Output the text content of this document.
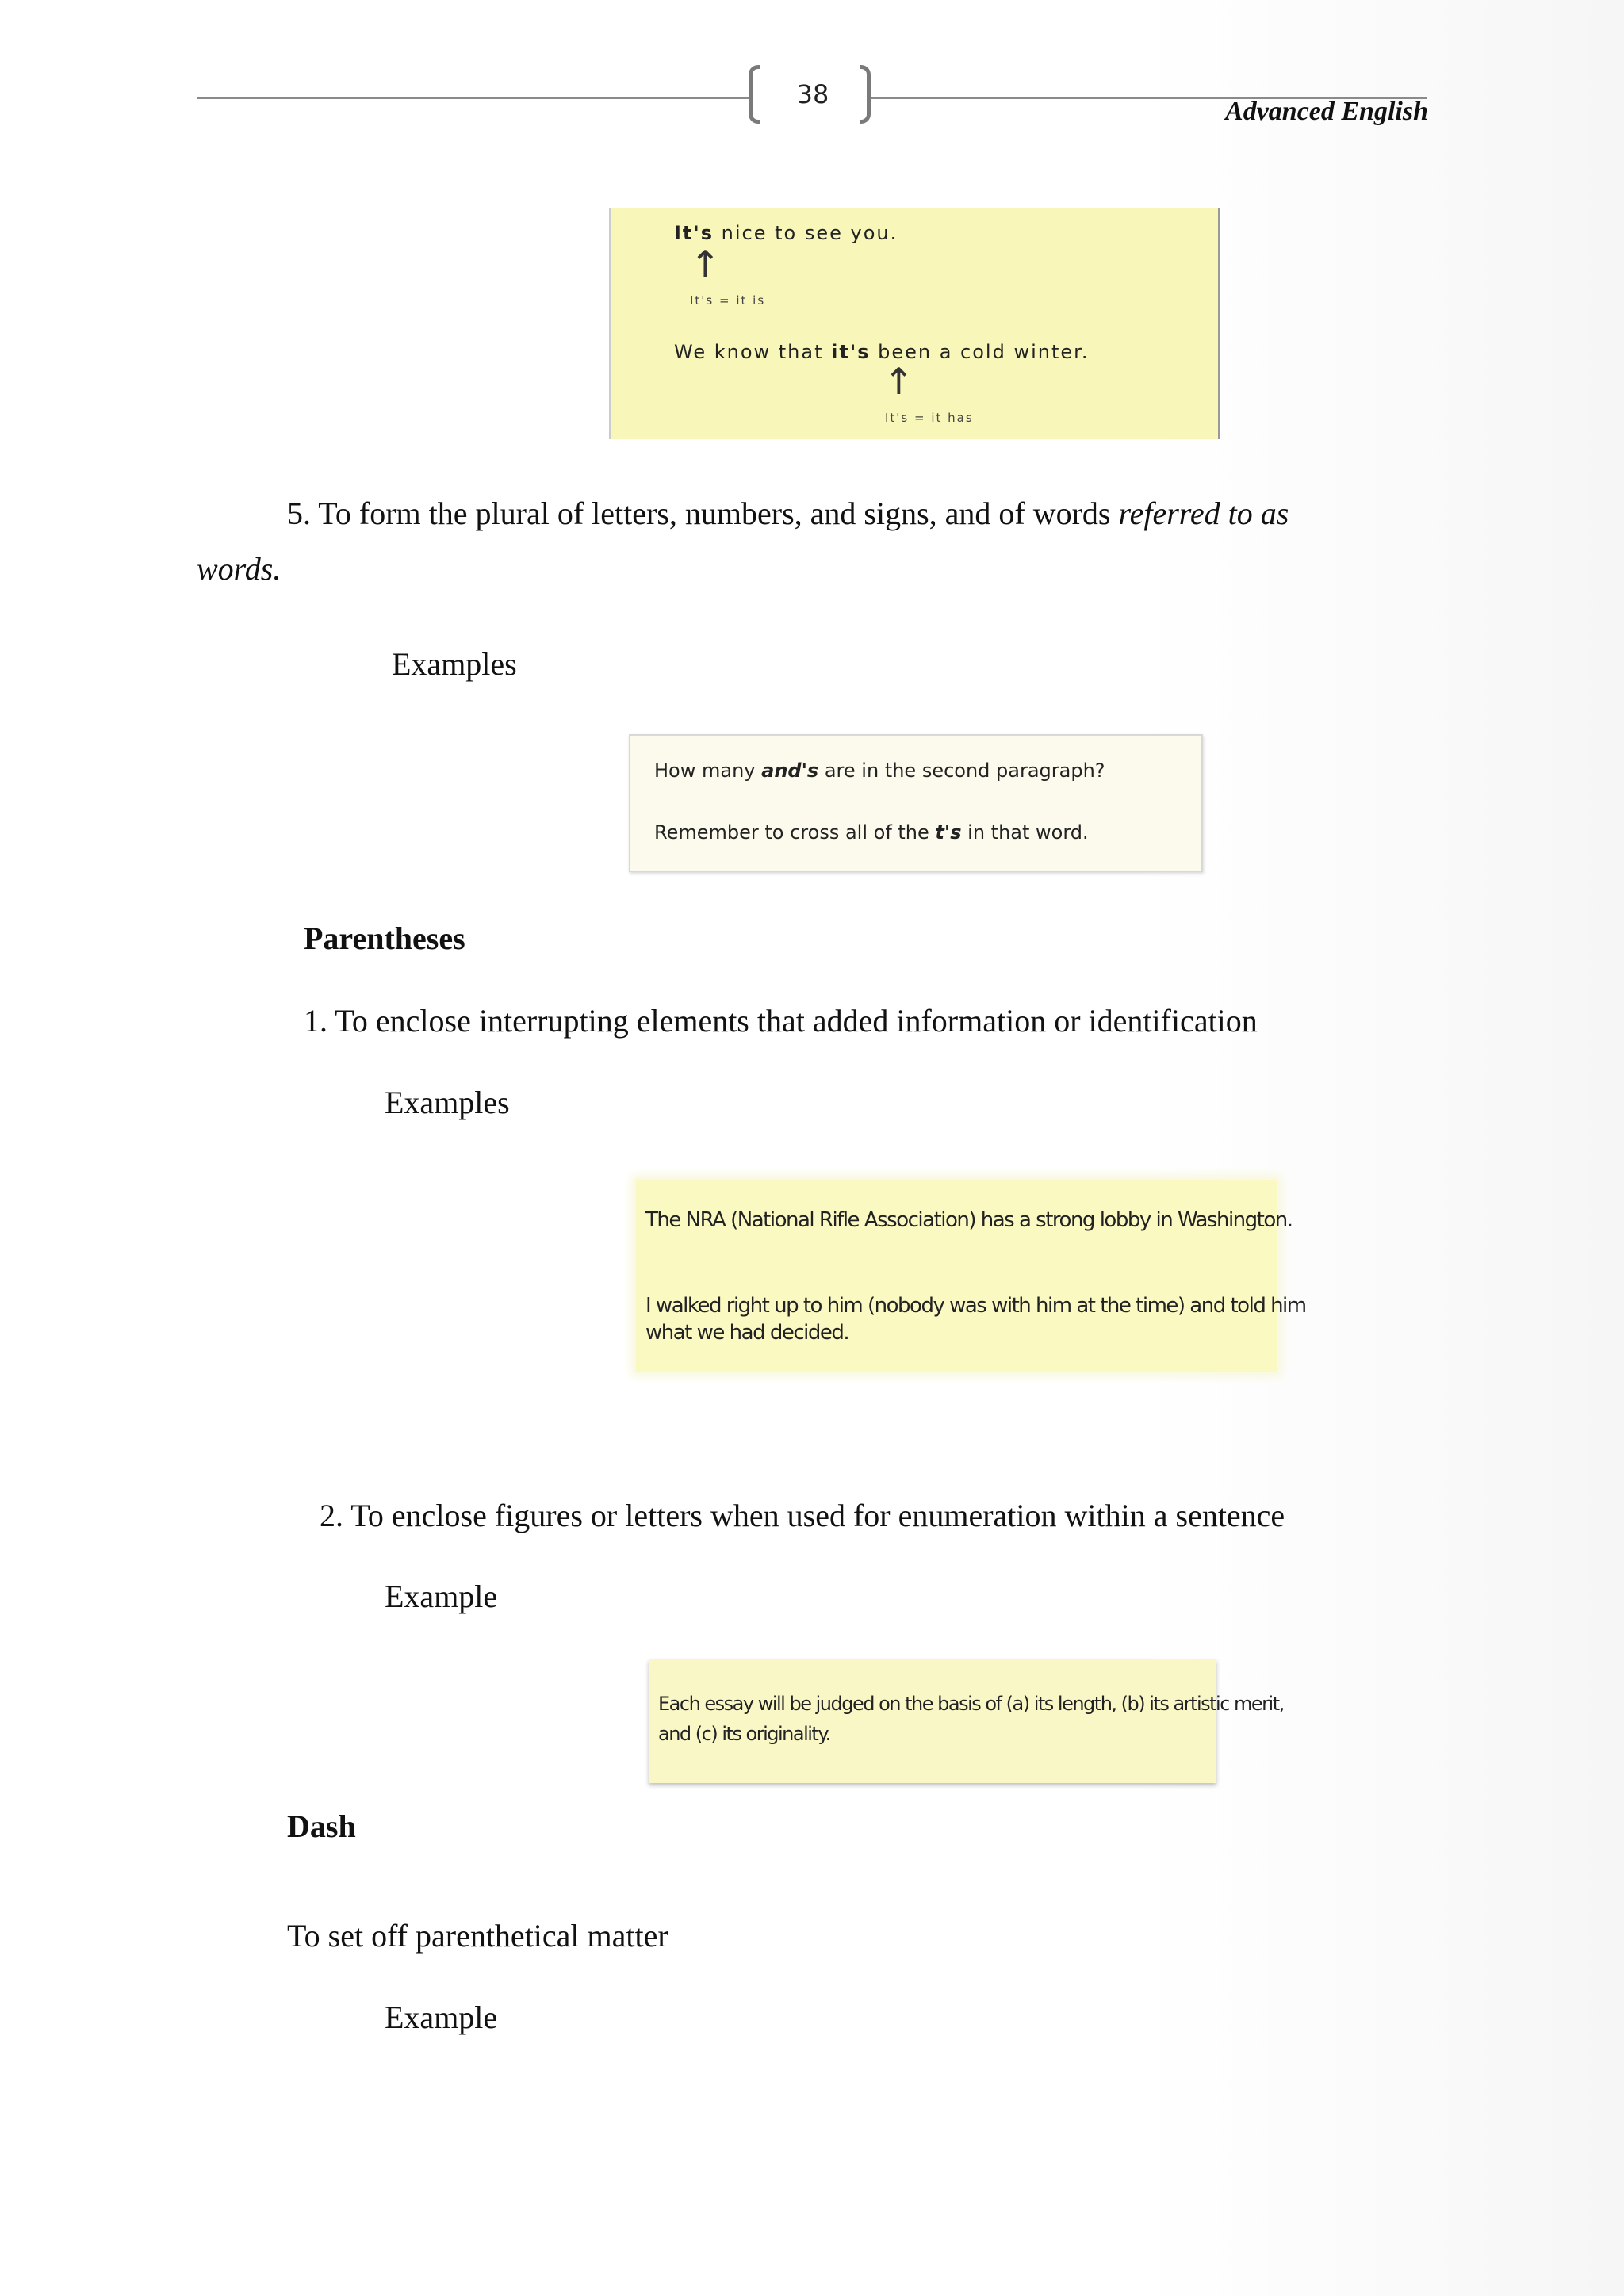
38
Advanced English
It's nice to see you.
↑
It's = it is
We know that it's been a cold winter.
↑
It's = it has
5. To form the plural of letters, numbers, and signs, and of words referred to as
words.
Examples
How many and's are in the second paragraph?
Remember to cross all of the t's in that word.
Parentheses
1. To enclose interrupting elements that added information or identification
Examples
The NRA (National Rifle Association) has a strong lobby in Washington.
I walked right up to him (nobody was with him at the time) and told him
what we had decided.
2. To enclose figures or letters when used for enumeration within a sentence
Example
Each essay will be judged on the basis of (a) its length, (b) its artistic merit,
and (c) its originality.
Dash
To set off parenthetical matter
Example
